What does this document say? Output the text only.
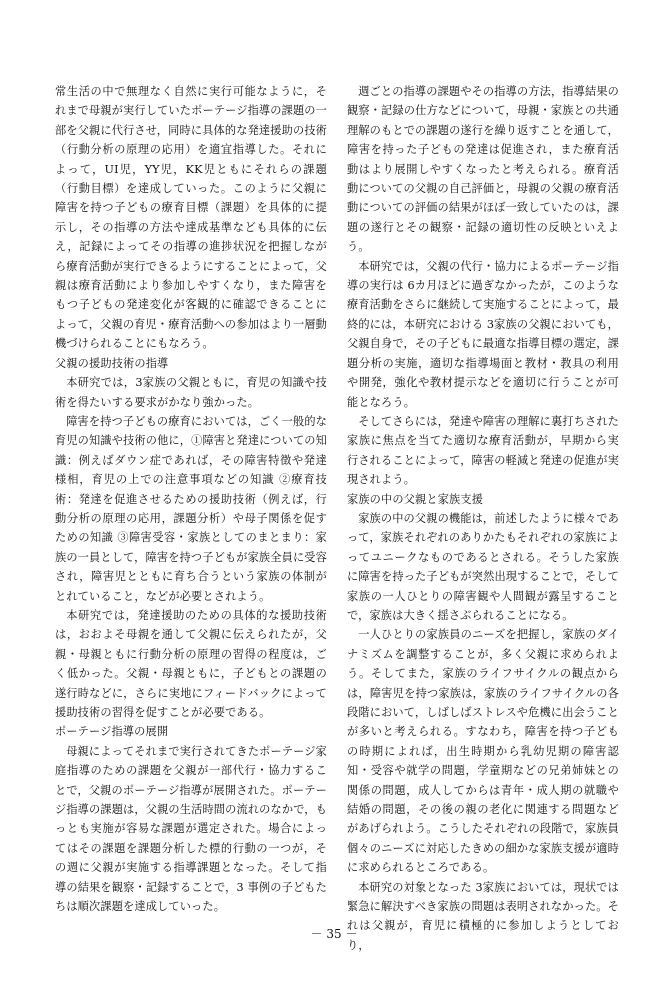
常生活の中で無理なく自然に実行可能なように，それまで母親が実行していたポーテージ指導の課題の一部を父親に代行させ，同時に具体的な発達援助の技術（行動分析の原理の応用）を適宜指導した。それによって，UI児，YY児，KK児ともにそれらの課題（行動目標）を達成していった。このように父親に障害を持つ子どもの療育目標（課題）を具体的に提示し，その指導の方法や達成基準なども具体的に伝え，記録によってその指導の進捗状況を把握しながら療育活動が実行できるようにすることによって，父親は療育活動により参加しやすくなり，また障害をもつ子どもの発達変化が客観的に確認できることによって，父親の育児・療育活動への参加はより一層動機づけられることにもなろう。

父親の援助技術の指導

本研究では，3家族の父親ともに，育児の知識や技術を得たいする要求がかなり強かった。

障害を持つ子どもの療育においては，ごく一般的な育児の知識や技術の他に，①障害と発達についての知識：例えばダウン症であれば，その障害特徴や発達様相，育児の上での注意事項などの知識 ②療育技術：発達を促進させるための援助技術（例えば，行動分析の原理の応用，課題分析）や母子関係を促すための知識 ③障害受容・家族としてのまとまり：家族の一員として，障害を持つ子どもが家族全員に受容され，障害児とともに育ち合うという家族の体制がとれていること，などが必要とされよう。

本研究では，発達援助のための具体的な援助技術は，おおよそ母親を通して父親に伝えられたが，父親・母親ともに行動分析の原理の習得の程度は，ごく低かった。父親・母親ともに，子どもとの課題の遂行時などに，さらに実地にフィードバックによって援助技術の習得を促すことが必要である。

ポーテージ指導の展開

母親によってそれまで実行されてきたポーテージ家庭指導のための課題を父親が一部代行・協力することで，父親のポーテージ指導が展開された。ポーテージ指導の課題は，父親の生活時間の流れのなかで，もっとも実施が容易な課題が選定された。場合によってはその課題を課題分析した標的行動の一つが，その週に父親が実施する指導課題となった。そして指導の結果を観察・記録することで，3 事例の子どもたちは順次課題を達成していった。

週ごとの指導の課題やその指導の方法，指導結果の観察・記録の仕方などについて，母親・家族との共通理解のもとでの課題の遂行を繰り返すことを通して，障害を持った子どもの発達は促進され，また療育活動はより展開しやすくなったと考えられる。療育活動についての父親の自己評価と，母親の父親の療育活動についての評価の結果がほぼ一致していたのは，課題の遂行とその観察・記録の適切性の反映といえよう。

本研究では，父親の代行・協力によるポーテージ指導の実行は 6カ月ほどに過ぎなかったが，このような療育活動をさらに継続して実施することによって，最終的には，本研究における 3家族の父親においても，父親自身で，その子どもに最適な指導目標の選定，課題分析の実施，適切な指導場面と教材・教具の利用や開発，強化や教材提示などを適切に行うことが可能となろう。

そしてさらには，発達や障害の理解に裏打ちされた家族に焦点を当てた適切な療育活動が，早期から実行されることによって，障害の軽減と発達の促進が実現されよう。

家族の中の父親と家族支援

家族の中の父親の機能は，前述したように様々であって，家族それぞれのありかたもそれぞれの家族によってユニークなものであるとされる。そうした家族に障害を持った子どもが突然出現することで，そして家族の一人ひとりの障害観や人間観が露呈することで，家族は大きく揺さぶられることになる。

一人ひとりの家族員のニーズを把握し，家族のダイナミズムを調整することが，多く父親に求められよう。そしてまた，家族のライフサイクルの観点からは，障害児を持つ家族は，家族のライフサイクルの各段階において，しばしばストレスや危機に出会うことが多いと考えられる。すなわち，障害を持つ子どもの時期によれば，出生時期から乳幼児期の障害認知・受容や就学の問題，学童期などの兄弟姉妹との関係の問題，成人してからは青年・成人期の就職や結婚の問題，その後の親の老化に関連する問題などがあげられよう。こうしたそれぞれの段階で，家族員個々のニーズに対応したきめの細かな家族支援が適時に求められるところである。

本研究の対象となった 3家族においては，現状では緊急に解決すべき家族の問題は表明されなかった。それは父親が，育児に積極的に参加しようとしており，

－ 35 －
